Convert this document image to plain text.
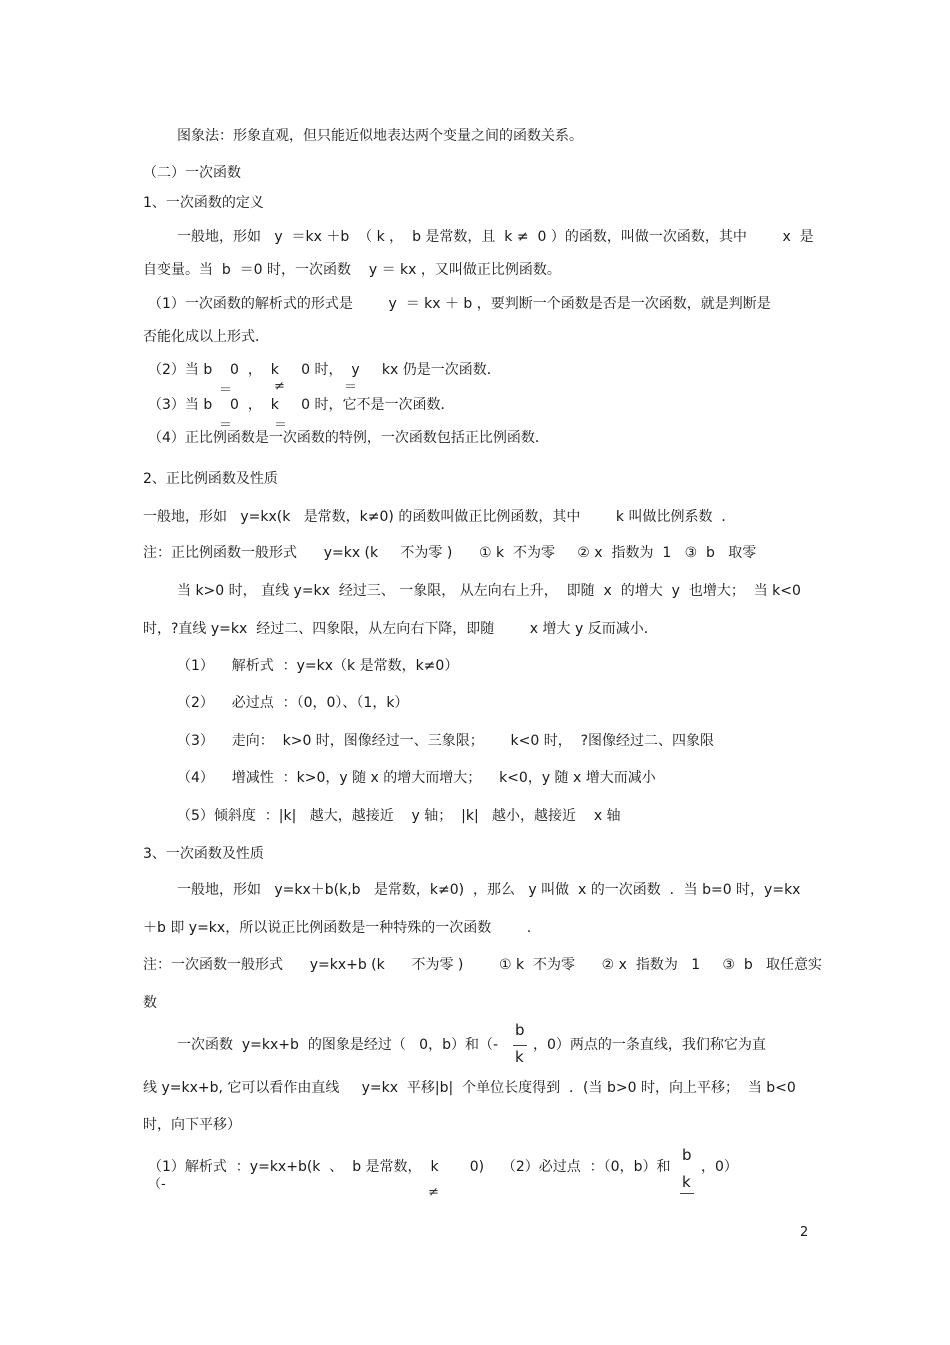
图象法：形象直观，但只能近似地表达两个变量之间的函数关系。
（二）一次函数
1、一次函数的定义
一般地，形如   y  ＝kx ＋b  （ k ，  b 是常数，且  k ≠  0 ）的函数，叫做一次函数，其中        x  是
自变量。当  b  ＝0 时，一次函数    y ＝ kx ，又叫做正比例函数。
（1）一次函数的解析式的形式是        y  ＝ kx ＋ b ，要判断一个函数是否是一次函数，就是判断是
否能化成以上形式．
（2）当 b    0  ，  k     0 时，  y     kx 仍是一次函数．
＝	≠	＝
（3）当 b    0  ，  k     0 时，它不是一次函数．
＝	＝
（4）正比例函数是一次函数的特例，一次函数包括正比例函数．
2、正比例函数及性质
一般地，形如   y=kx(k   是常数，k≠0) 的函数叫做正比例函数，其中        k 叫做比例系数  ．
注：正比例函数一般形式      y=kx (k     不为零 )      ① k  不为零     ② x  指数为  1   ③  b   取零
当 k>0 时， 直线 y=kx  经过三、 一象限， 从左向右上升，  即随  x  的增大  y  也增大；  当 k<0
时，?直线 y=kx  经过二、四象限，从左向右下降，即随        x 增大 y 反而减小．
（1）    解析式  ：y=kx（k 是常数，k≠0）
（2）    必过点  ：（0，0）、（1，k）
（3）    走向：  k>0 时，图像经过一、三象限；      k<0 时，  ?图像经过二、四象限
（4）    增减性  ：k>0，y 随 x 的增大而增大；    k<0，y 随 x 增大而减小
（5）倾斜度  ：|k|   越大，越接近    y 轴；  |k|   越小，越接近    x 轴
3、一次函数及性质
一般地，形如   y=kx＋b(k,b   是常数，k≠0)  ，那么   y 叫做  x 的一次函数  ．当 b=0 时，y=kx
＋b 即 y=kx，所以说正比例函数是一种特殊的一次函数        .
注：一次函数一般形式      y=kx+b (k      不为零 )        ① k  不为零      ② x  指数为   1     ③  b   取任意实
数
一次函数  y=kx+b  的图象是经过（   0，b）和（-
b
k
，0）两点的一条直线，我们称它为直
线 y=kx+b, 它可以看作由直线     y=kx  平移|b|  个单位长度得到  ．(当 b>0 时，向上平移；  当 b<0
时，向下平移）
（1）解析式  ：y=kx+b(k  、  b 是常数，  k       0)    （2）必过点  ：（0，b）和
≠
b
k
，0）
（-
2
